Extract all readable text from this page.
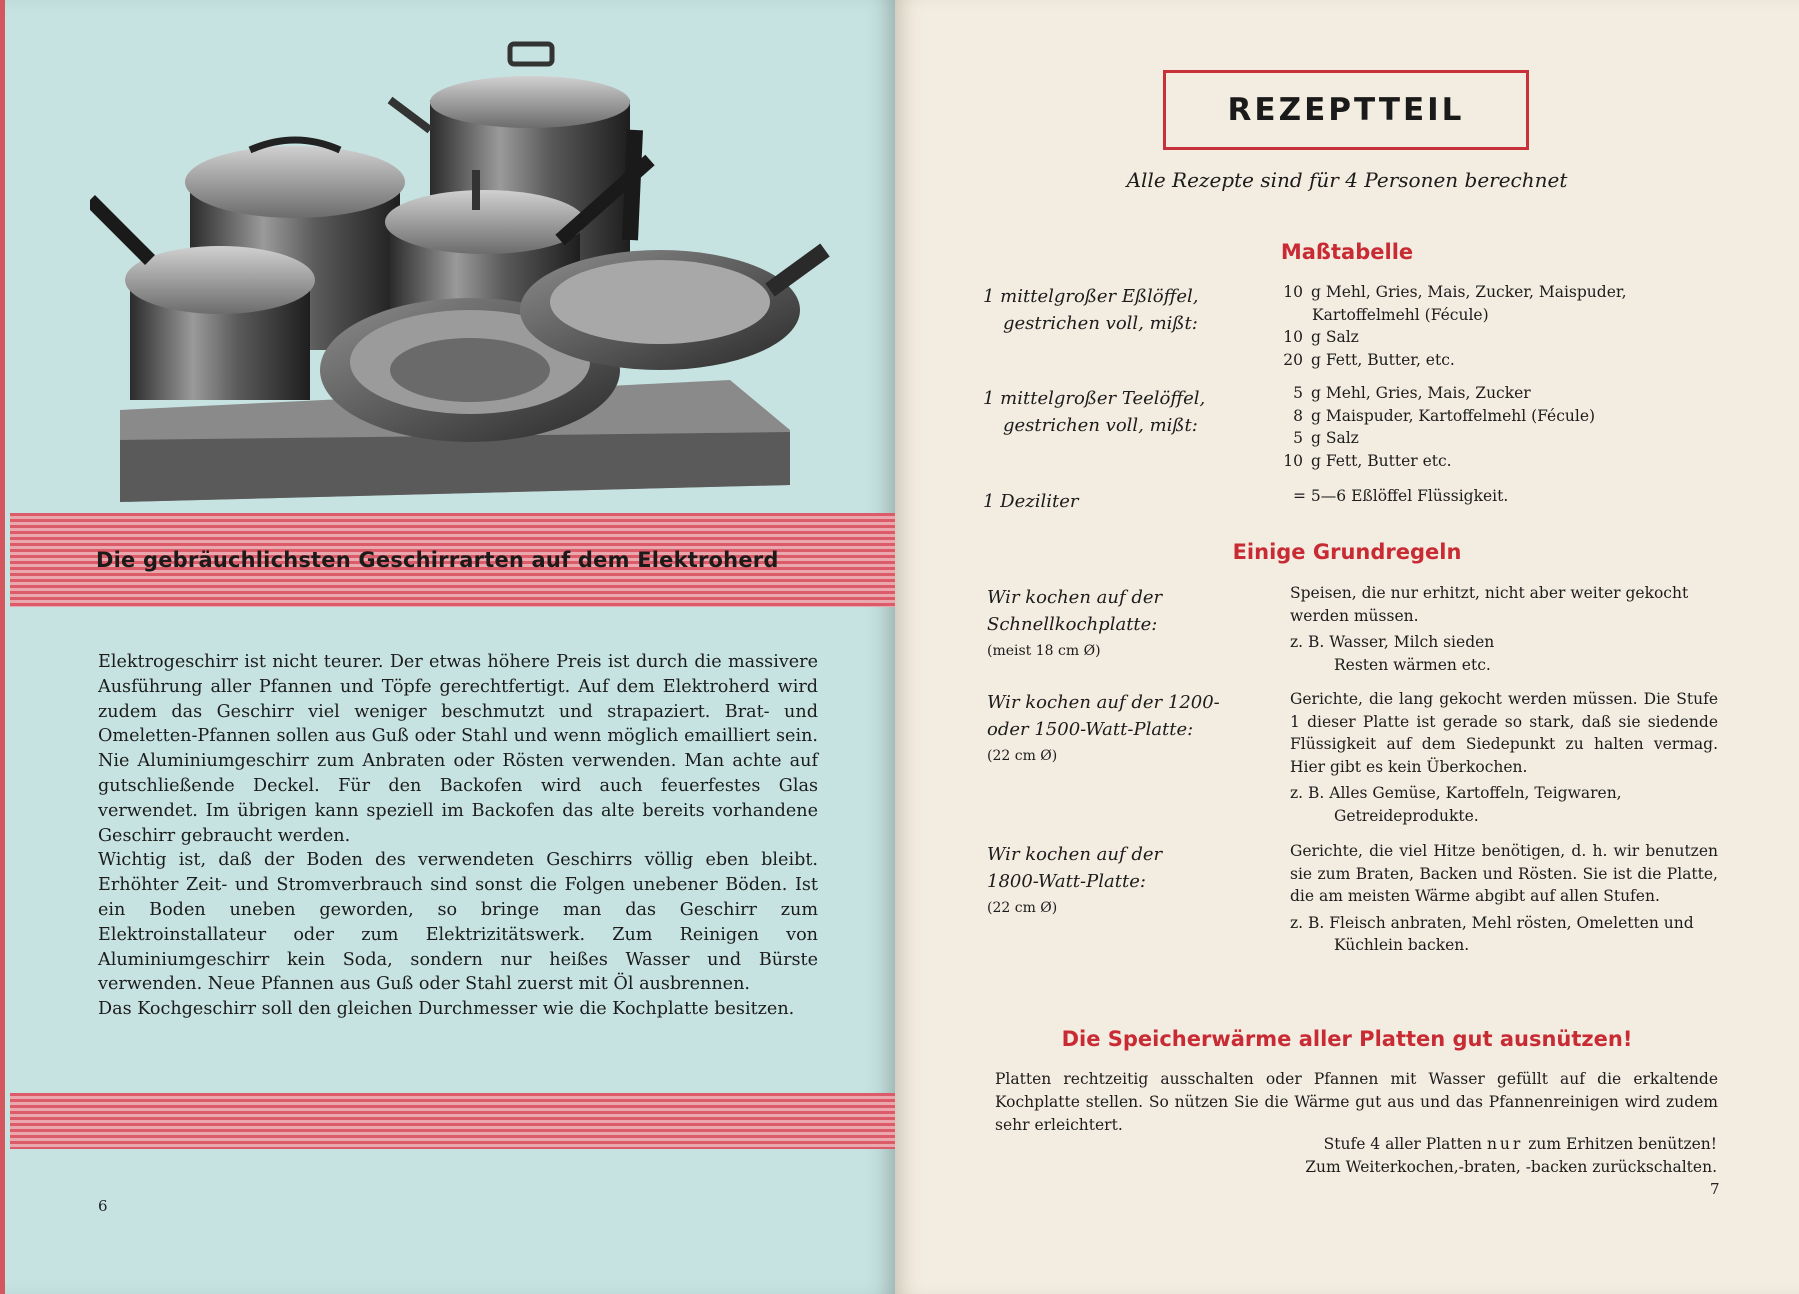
Die gebräuchlichsten Geschirrarten auf dem Elektroherd

Elektrogeschirr ist nicht teurer. Der etwas höhere Preis ist durch die massivere Ausführung aller Pfannen und Töpfe gerechtfertigt. Auf dem Elektroherd wird zudem das Geschirr viel weniger beschmutzt und strapaziert. Brat- und Omeletten-Pfannen sollen aus Guß oder Stahl und wenn möglich emailliert sein. Nie Aluminiumgeschirr zum Anbraten oder Rösten verwenden. Man achte auf gutschließende Deckel. Für den Backofen wird auch feuerfestes Glas verwendet. Im übrigen kann speziell im Backofen das alte bereits vorhandene Geschirr gebraucht werden.

Wichtig ist, daß der Boden des verwendeten Geschirrs völlig eben bleibt. Erhöhter Zeit- und Stromverbrauch sind sonst die Folgen unebener Böden. Ist ein Boden uneben geworden, so bringe man das Geschirr zum Elektroinstallateur oder zum Elektrizitätswerk. Zum Reinigen von Aluminiumgeschirr kein Soda, sondern nur heißes Wasser und Bürste verwenden. Neue Pfannen aus Guß oder Stahl zuerst mit Öl ausbrennen.

Das Kochgeschirr soll den gleichen Durchmesser wie die Kochplatte besitzen.

6
REZEPTTEIL
Alle Rezepte sind für 4 Personen berechnet
Maßtabelle
1 mittelgroßer Eßlöffel,
gestrichen voll, mißt:
10 g Mehl, Gries, Mais, Zucker, Maispuder,
Kartoffelmehl (Fécule)
10 g Salz
20 g Fett, Butter, etc.
1 mittelgroßer Teelöffel,
gestrichen voll, mißt:
5 g Mehl, Gries, Mais, Zucker
8 g Maispuder, Kartoffelmehl (Fécule)
5 g Salz
10 g Fett, Butter etc.
1 Deziliter	= 5—6 Eßlöffel Flüssigkeit.
Einige Grundregeln
Wir kochen auf der
Schnellkochplatte:
(meist 18 cm Ø)
Speisen, die nur erhitzt, nicht aber weiter gekocht werden müssen.
z. B. Wasser, Milch sieden
Resten wärmen etc.
Wir kochen auf der 1200-
oder 1500-Watt-Platte:
(22 cm Ø)
Gerichte, die lang gekocht werden müssen. Die Stufe 1 dieser Platte ist gerade so stark, daß sie siedende Flüssigkeit auf dem Siedepunkt zu halten vermag. Hier gibt es kein Überkochen.
z. B. Alles Gemüse, Kartoffeln, Teigwaren,
Getreideprodukte.
Wir kochen auf der
1800-Watt-Platte:
(22 cm Ø)
Gerichte, die viel Hitze benötigen, d. h. wir benutzen sie zum Braten, Backen und Rösten. Sie ist die Platte, die am meisten Wärme abgibt auf allen Stufen.
z. B. Fleisch anbraten, Mehl rösten, Omeletten und
Küchlein backen.
Die Speicherwärme aller Platten gut ausnützen!

Platten rechtzeitig ausschalten oder Pfannen mit Wasser gefüllt auf die erkaltende Kochplatte stellen. So nützen Sie die Wärme gut aus und das Pfannenreinigen wird zudem sehr erleichtert.

Stufe 4 aller Platten nur zum Erhitzen benützen!
Zum Weiterkochen,-braten, -backen zurückschalten.
7
